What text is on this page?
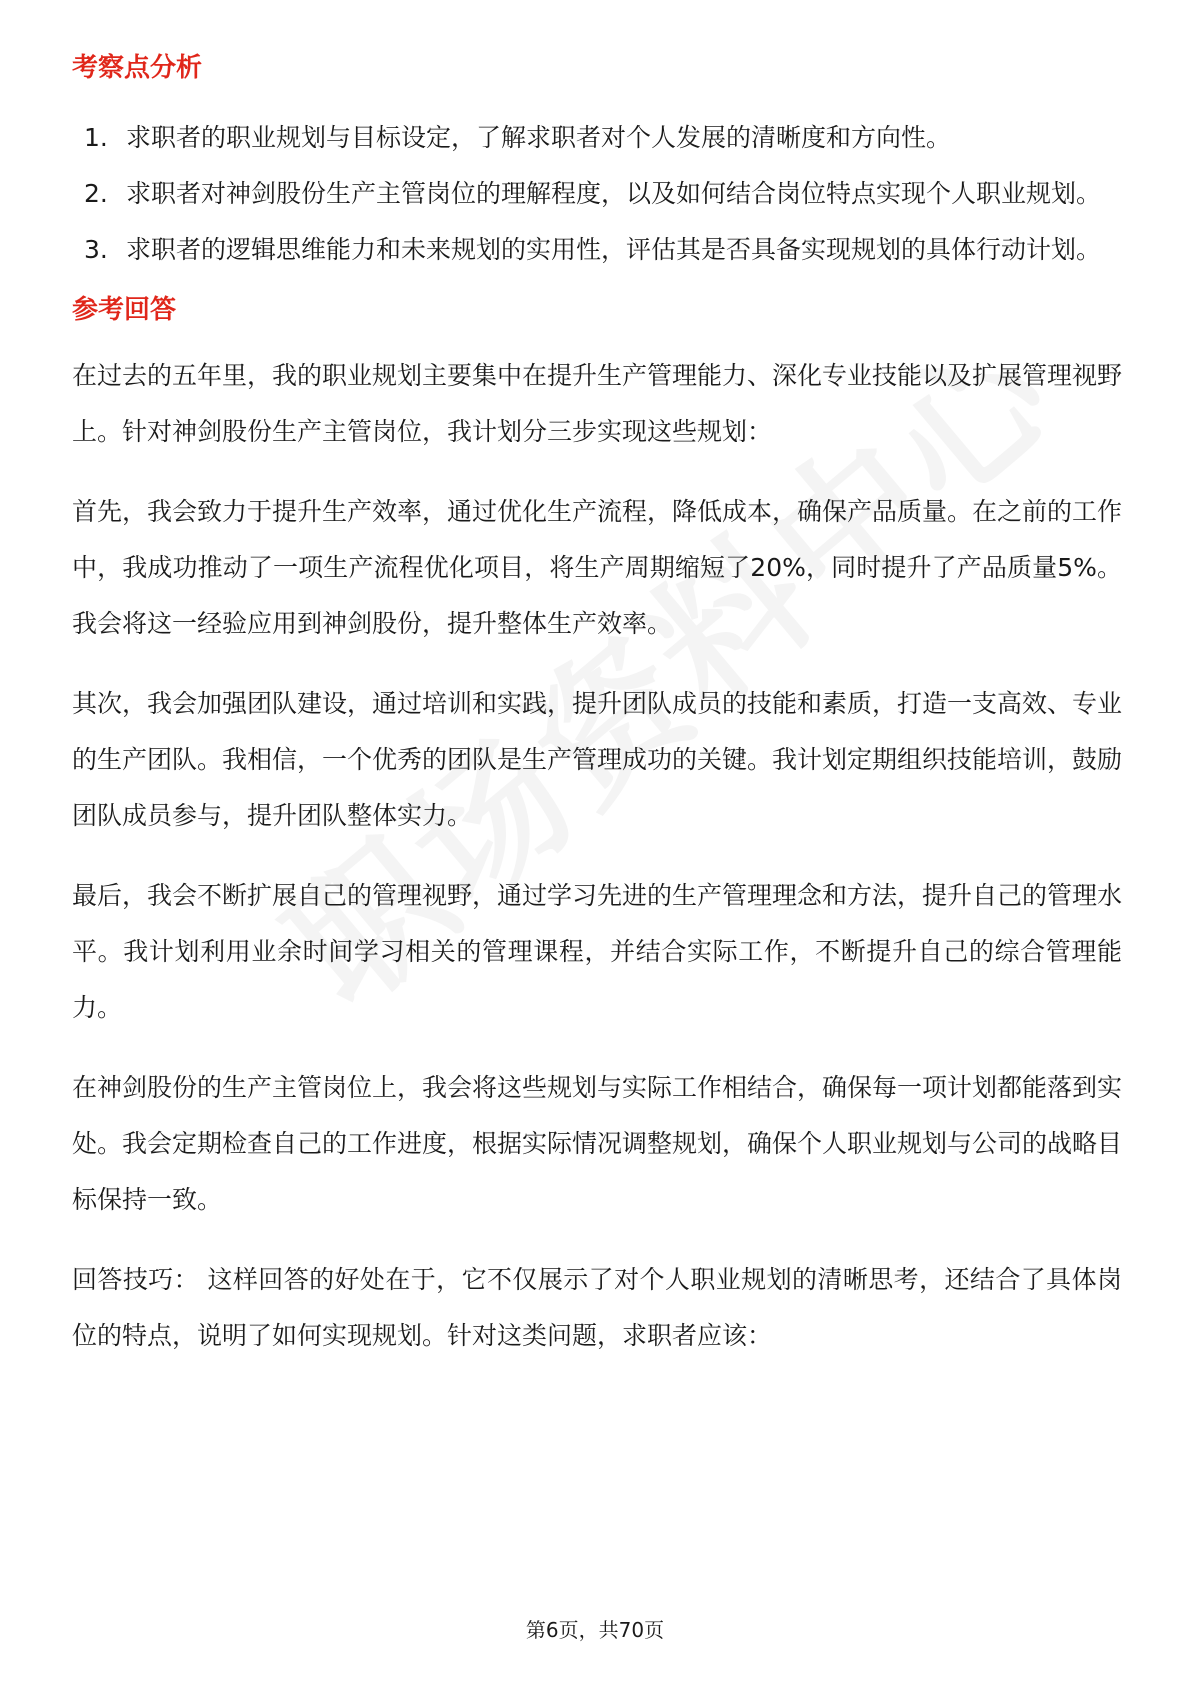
考察点分析
1. 求职者的职业规划与目标设定，了解求职者对个人发展的清晰度和方向性。
2. 求职者对神剑股份生产主管岗位的理解程度，以及如何结合岗位特点实现个人职业规划。
3. 求职者的逻辑思维能力和未来规划的实用性，评估其是否具备实现规划的具体行动计划。
参考回答

在过去的五年里，我的职业规划主要集中在提升生产管理能力、深化专业技能以及扩展管理视野上。针对神剑股份生产主管岗位，我计划分三步实现这些规划：

首先，我会致力于提升生产效率，通过优化生产流程，降低成本，确保产品质量。在之前的工作中，我成功推动了一项生产流程优化项目，将生产周期缩短了20%，同时提升了产品质量5%。我会将这一经验应用到神剑股份，提升整体生产效率。

其次，我会加强团队建设，通过培训和实践，提升团队成员的技能和素质，打造一支高效、专业的生产团队。我相信，一个优秀的团队是生产管理成功的关键。我计划定期组织技能培训，鼓励团队成员参与，提升团队整体实力。

最后，我会不断扩展自己的管理视野，通过学习先进的生产管理理念和方法，提升自己的管理水平。我计划利用业余时间学习相关的管理课程，并结合实际工作，不断提升自己的综合管理能力。

在神剑股份的生产主管岗位上，我会将这些规划与实际工作相结合，确保每一项计划都能落到实处。我会定期检查自己的工作进度，根据实际情况调整规划，确保个人职业规划与公司的战略目标保持一致。

回答技巧： 这样回答的好处在于，它不仅展示了对个人职业规划的清晰思考，还结合了具体岗位的特点，说明了如何实现规划。针对这类问题，求职者应该：

第6页，共70页
